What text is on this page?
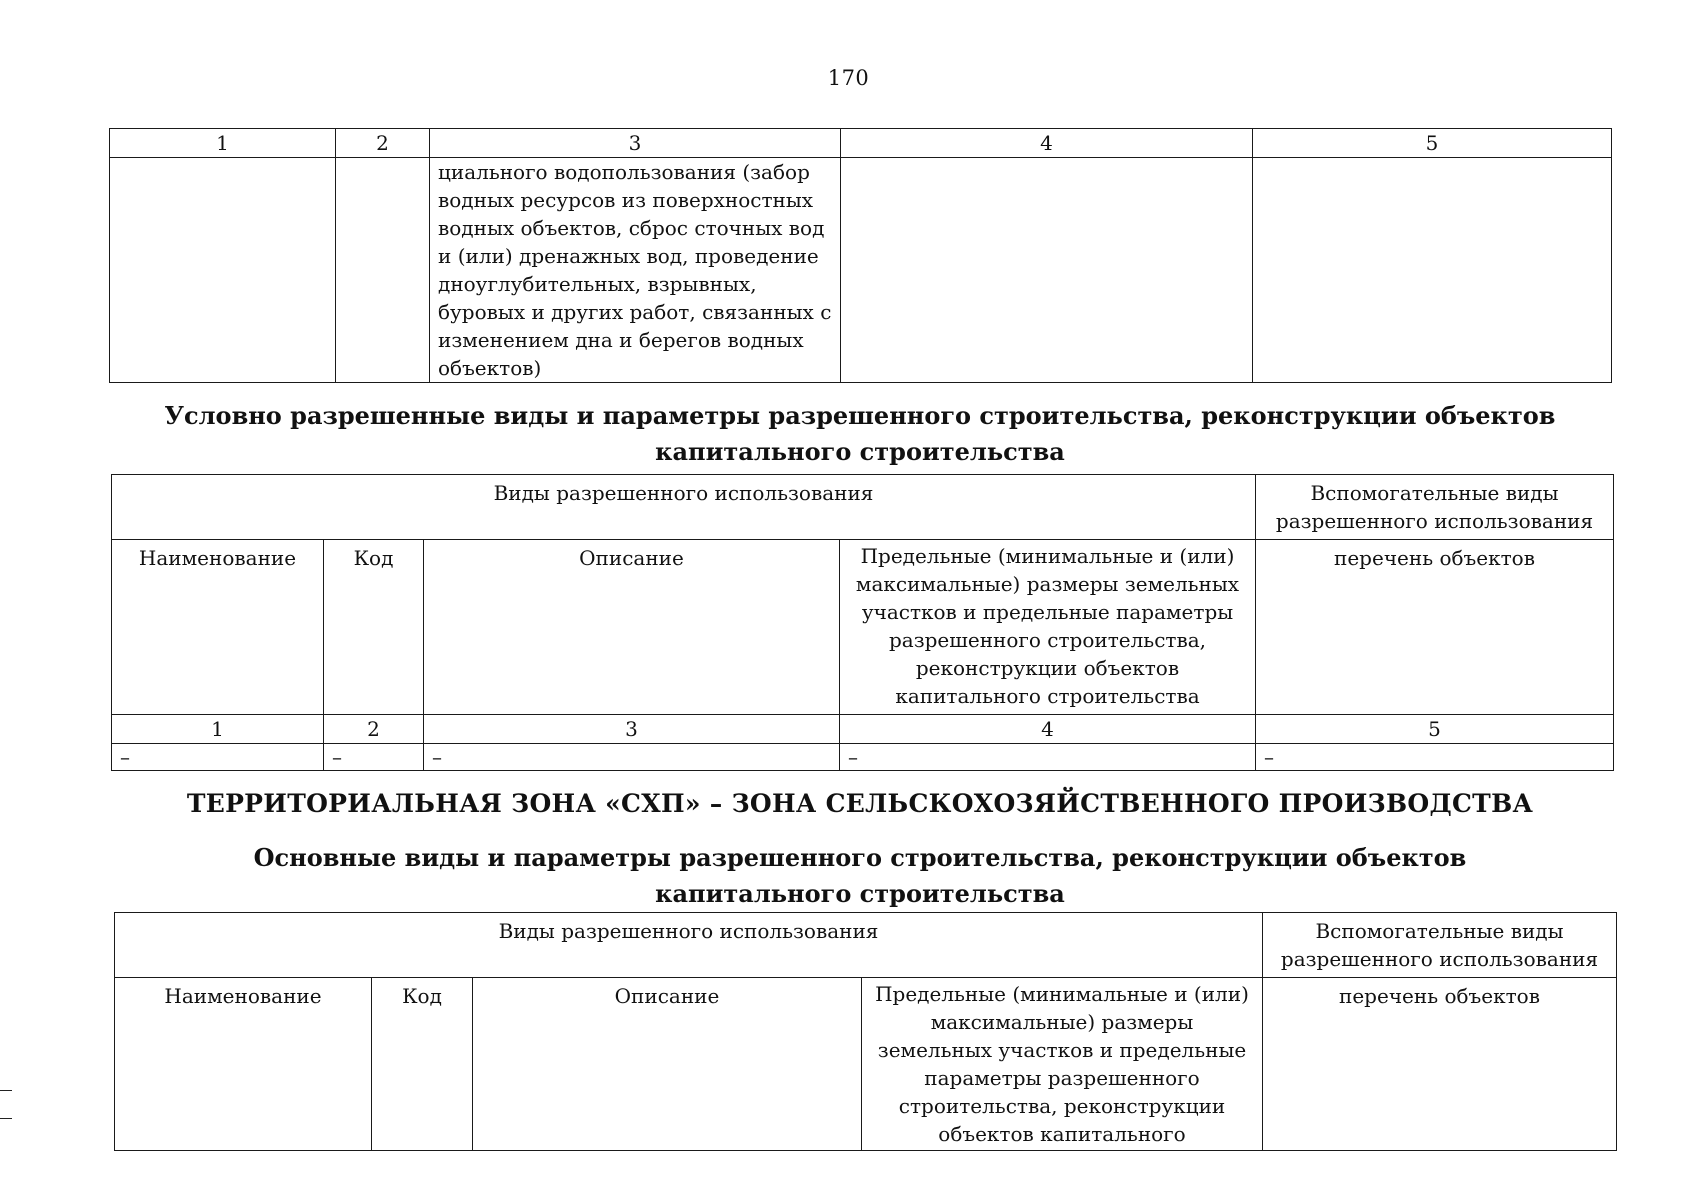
170
1	2	3	4	5
		циального водопользования (забор водных ресурсов из поверхностных водных объектов, сброс сточных вод и (или) дренажных вод, проведение дноуглубительных, взрывных, буровых и других работ, связанных с изменением дна и берегов водных объектов)		
Условно разрешенные виды и параметры разрешенного строительства, реконструкции объектов капитального строительства
Виды разрешенного использования				Вспомогательные виды разрешенного использования
Наименование	Код	Описание	Предельные (минимальные и (или) максимальные) размеры земельных участков и предельные параметры разрешенного строительства, реконструкции объектов капитального строительства	перечень объектов
1	2	3	4	5
–	–	–	–	–
ТЕРРИТОРИАЛЬНАЯ ЗОНА «СХП» – ЗОНА СЕЛЬСКОХОЗЯЙСТВЕННОГО ПРОИЗВОДСТВА
Основные виды и параметры разрешенного строительства, реконструкции объектов капитального строительства
Виды разрешенного использования				Вспомогательные виды разрешенного использования
Наименование	Код	Описание	Предельные (минимальные и (или) максимальные) размеры земельных участков и предельные параметры разрешенного строительства, реконструкции объектов капитального	перечень объектов
